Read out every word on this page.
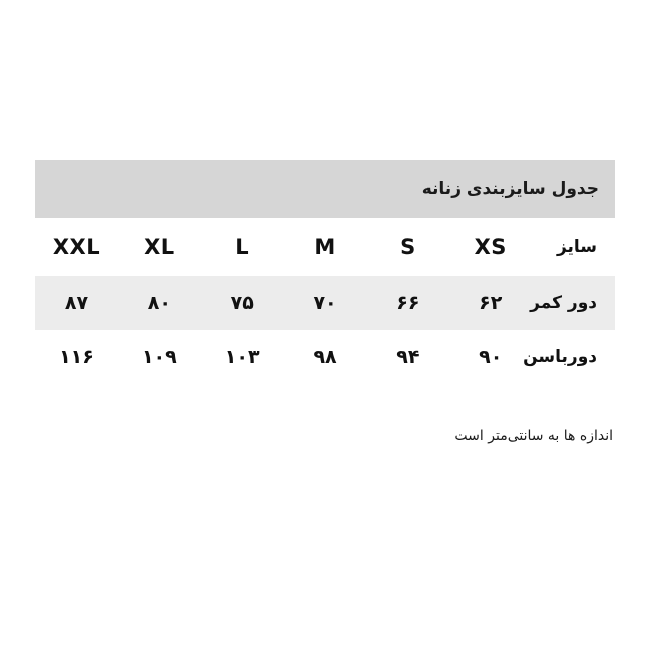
جدول سایزبندی زنانه						
سایز	XS	S	M	L	XL	XXL
دور کمر	۶۲	۶۶	۷۰	۷۵	۸۰	۸۷
دورباسن	۹۰	۹۴	۹۸	۱۰۳	۱۰۹	۱۱۶
اندازه ها به سانتی‌متر است
